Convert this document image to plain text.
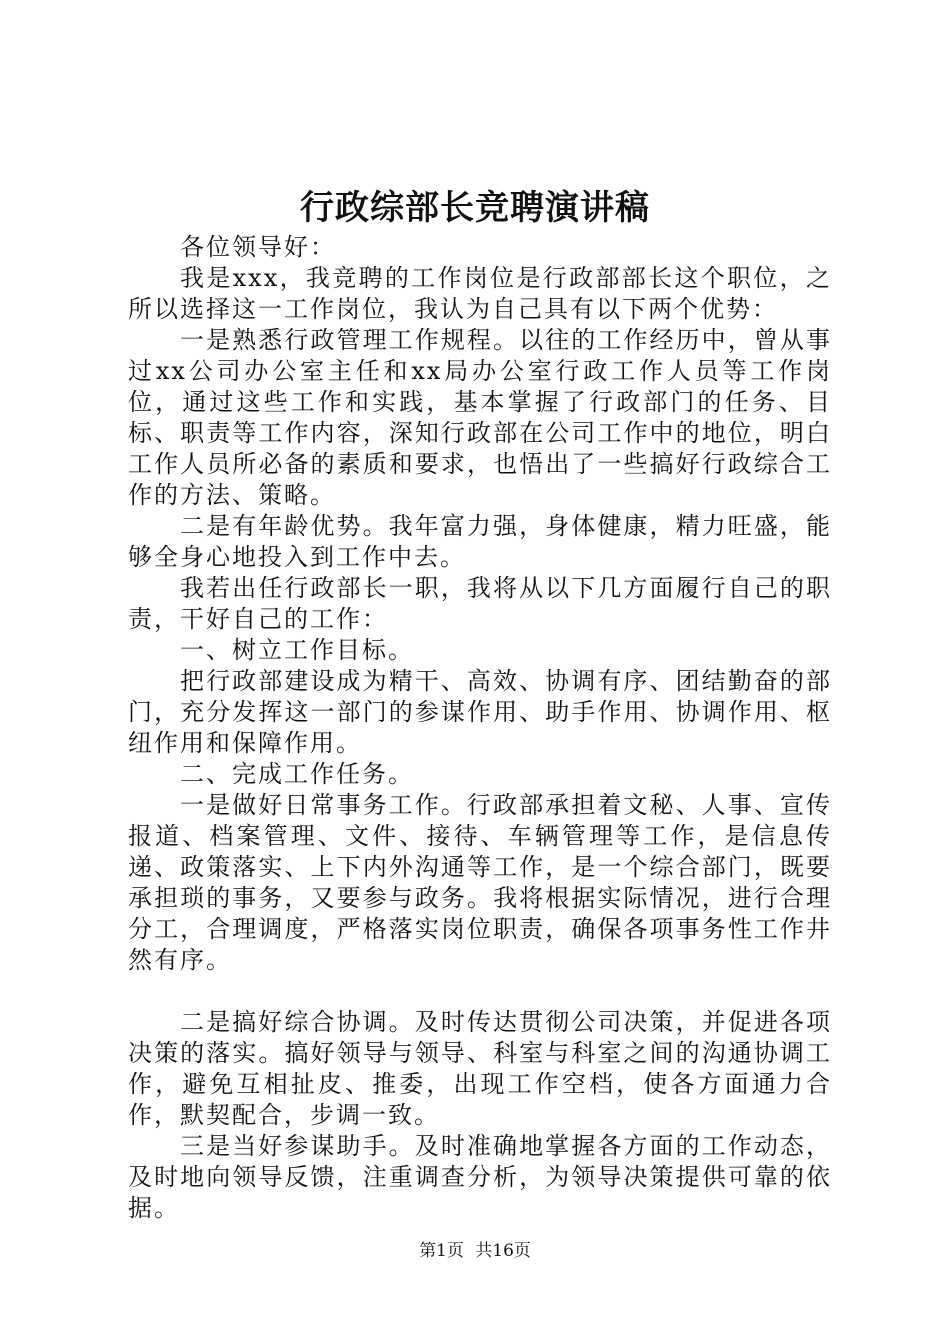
行政综部长竞聘演讲稿

各位领导好：

我是xxx，我竞聘的工作岗位是行政部部长这个职位，之所以选择这一工作岗位，我认为自己具有以下两个优势：

一是熟悉行政管理工作规程。以往的工作经历中，曾从事过xx公司办公室主任和xx局办公室行政工作人员等工作岗位，通过这些工作和实践，基本掌握了行政部门的任务、目标、职责等工作内容，深知行政部在公司工作中的地位，明白工作人员所必备的素质和要求，也悟出了一些搞好行政综合工作的方法、策略。

二是有年龄优势。我年富力强，身体健康，精力旺盛，能够全身心地投入到工作中去。

我若出任行政部长一职，我将从以下几方面履行自己的职责，干好自己的工作：

一、树立工作目标。

把行政部建设成为精干、高效、协调有序、团结勤奋的部门，充分发挥这一部门的参谋作用、助手作用、协调作用、枢纽作用和保障作用。

二、完成工作任务。

一是做好日常事务工作。行政部承担着文秘、人事、宣传报道、档案管理、文件、接待、车辆管理等工作，是信息传递、政策落实、上下内外沟通等工作，是一个综合部门，既要承担琐的事务，又要参与政务。我将根据实际情况，进行合理分工，合理调度，严格落实岗位职责，确保各项事务性工作井然有序。

二是搞好综合协调。及时传达贯彻公司决策，并促进各项决策的落实。搞好领导与领导、科室与科室之间的沟通协调工作，避免互相扯皮、推委，出现工作空档，使各方面通力合作，默契配合，步调一致。

三是当好参谋助手。及时准确地掌握各方面的工作动态，及时地向领导反馈，注重调查分析，为领导决策提供可靠的依据。

第1页 共16页
